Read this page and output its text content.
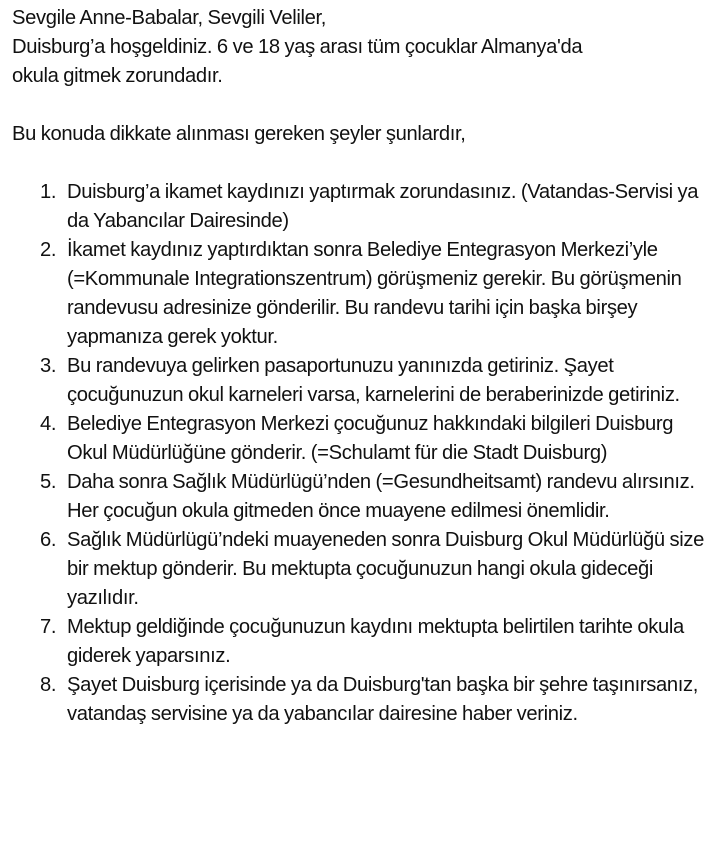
Sevgile Anne-Babalar, Sevgili Veliler,

Duisburg’a hoşgeldiniz. 6 ve 18 yaş arası tüm çocuklar Almanya'da
okula gitmek zorundadır.

Bu konuda dikkate alınması gereken şeyler şunlardır,

1. Duisburg’a ikamet kaydınızı yaptırmak zorundasınız. (Vatandas-Servisi ya da Yabancılar Dairesinde)
2. İkamet kaydınız yaptırdıktan sonra Belediye Entegrasyon Merkezi’yle (=Kommunale Integrationszentrum) görüşmeniz gerekir. Bu görüşmenin randevusu adresinize gönderilir. Bu randevu tarihi için başka birşey yapmanıza gerek yoktur.
3. Bu randevuya gelirken pasaportunuzu yanınızda getiriniz. Şayet çocuğunuzun okul karneleri varsa, karnelerini de beraberinizde getiriniz.
4. Belediye Entegrasyon Merkezi çocuğunuz hakkındaki bilgileri Duisburg Okul Müdürlüğüne gönderir. (=Schulamt für die Stadt Duisburg)
5. Daha sonra Sağlık Müdürlügü’nden (=Gesundheitsamt) randevu alırsınız. Her çocuğun okula gitmeden önce muayene edilmesi önemlidir.
6. Sağlık Müdürlügü’ndeki muayeneden sonra Duisburg Okul Müdürlüğü size bir mektup gönderir. Bu mektupta çocuğunuzun hangi okula gideceği yazılıdır.
7. Mektup geldiğinde çocuğunuzun kaydını mektupta belirtilen tarihte okula giderek yaparsınız.
8. Şayet Duisburg içerisinde ya da Duisburg'tan başka bir şehre taşınırsanız, vatandaş servisine ya da yabancılar dairesine haber veriniz.
